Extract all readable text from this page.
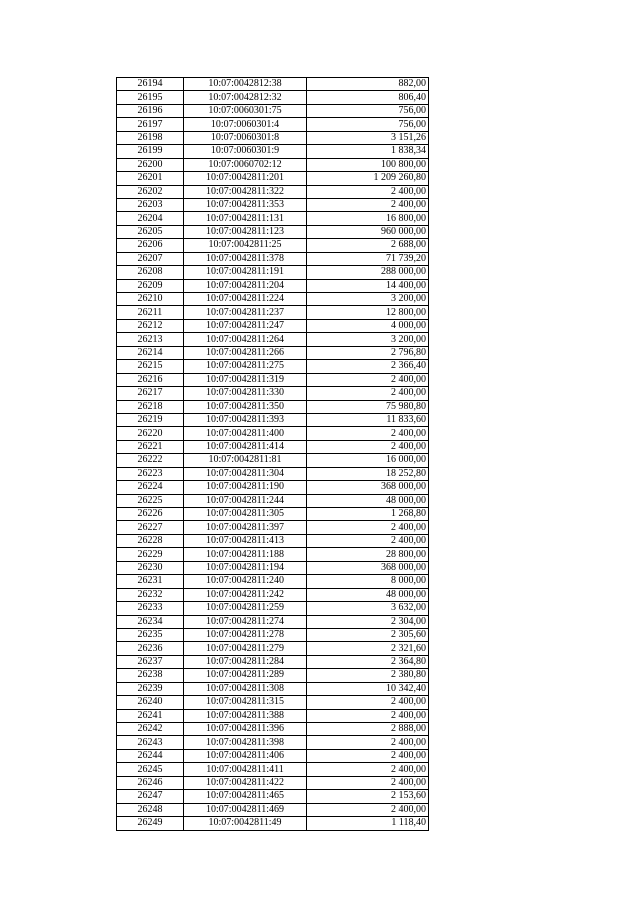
26194	10:07:0042812:38	882,00
26195	10:07:0042812:32	806,40
26196	10:07:0060301:75	756,00
26197	10:07:0060301:4	756,00
26198	10:07:0060301:8	3 151,26
26199	10:07:0060301:9	1 838,34
26200	10:07:0060702:12	100 800,00
26201	10:07:0042811:201	1 209 260,80
26202	10:07:0042811:322	2 400,00
26203	10:07:0042811:353	2 400,00
26204	10:07:0042811:131	16 800,00
26205	10:07:0042811:123	960 000,00
26206	10:07:0042811:25	2 688,00
26207	10:07:0042811:378	71 739,20
26208	10:07:0042811:191	288 000,00
26209	10:07:0042811:204	14 400,00
26210	10:07:0042811:224	3 200,00
26211	10:07:0042811:237	12 800,00
26212	10:07:0042811:247	4 000,00
26213	10:07:0042811:264	3 200,00
26214	10:07:0042811:266	2 796,80
26215	10:07:0042811:275	2 366,40
26216	10:07:0042811:319	2 400,00
26217	10:07:0042811:330	2 400,00
26218	10:07:0042811:350	75 980,80
26219	10:07:0042811:393	11 833,60
26220	10:07:0042811:400	2 400,00
26221	10:07:0042811:414	2 400,00
26222	10:07:0042811:81	16 000,00
26223	10:07:0042811:304	18 252,80
26224	10:07:0042811:190	368 000,00
26225	10:07:0042811:244	48 000,00
26226	10:07:0042811:305	1 268,80
26227	10:07:0042811:397	2 400,00
26228	10:07:0042811:413	2 400,00
26229	10:07:0042811:188	28 800,00
26230	10:07:0042811:194	368 000,00
26231	10:07:0042811:240	8 000,00
26232	10:07:0042811:242	48 000,00
26233	10:07:0042811:259	3 632,00
26234	10:07:0042811:274	2 304,00
26235	10:07:0042811:278	2 305,60
26236	10:07:0042811:279	2 321,60
26237	10:07:0042811:284	2 364,80
26238	10:07:0042811:289	2 380,80
26239	10:07:0042811:308	10 342,40
26240	10:07:0042811:315	2 400,00
26241	10:07:0042811:388	2 400,00
26242	10:07:0042811:396	2 888,00
26243	10:07:0042811:398	2 400,00
26244	10:07:0042811:406	2 400,00
26245	10:07:0042811:411	2 400,00
26246	10:07:0042811:422	2 400,00
26247	10:07:0042811:465	2 153,60
26248	10:07:0042811:469	2 400,00
26249	10:07:0042811:49	1 118,40
